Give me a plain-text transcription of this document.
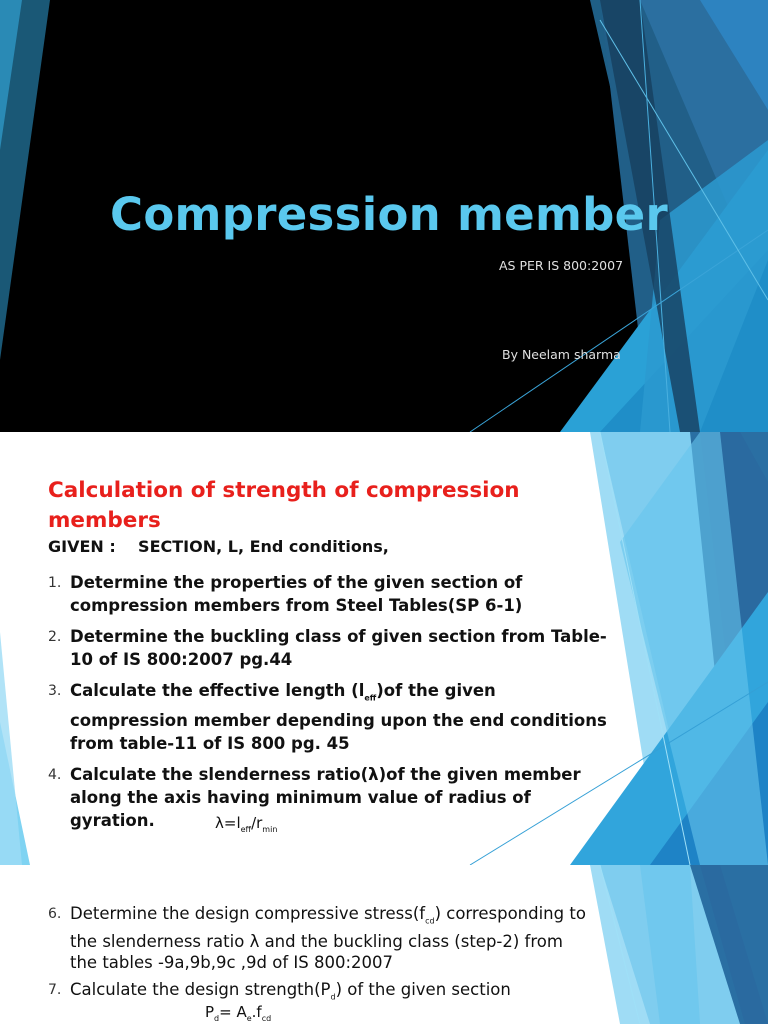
Compression member

AS PER IS 800:2007

By Neelam sharma

Calculation of strength of compression members

GIVEN :    SECTION, L, End conditions,

1. Determine the properties of the given section of compression members from Steel Tables(SP 6-1)
2. Determine the buckling class of given section from Table-10 of IS 800:2007 pg.44
3. Calculate the effective length $(l_{eff})of$ the given compression member depending upon the end conditions from table-11 of IS 800 pg. 45
4. Calculate the slenderness ratio(λ)of the given member along the axis having minimum value of radius of gyration.	$\lambda=l_{eff}/r_{min}$

6. Determine the design compressive $stress(f_{cd})$ corresponding to the slenderness ratio λ and the buckling class (step-2) from the tables -9a,9b,9c ,9d of IS 800:2007
7. Calculate the design $strength(P_d)$ of the given section

$P_d= A_e.f_{cd}$
